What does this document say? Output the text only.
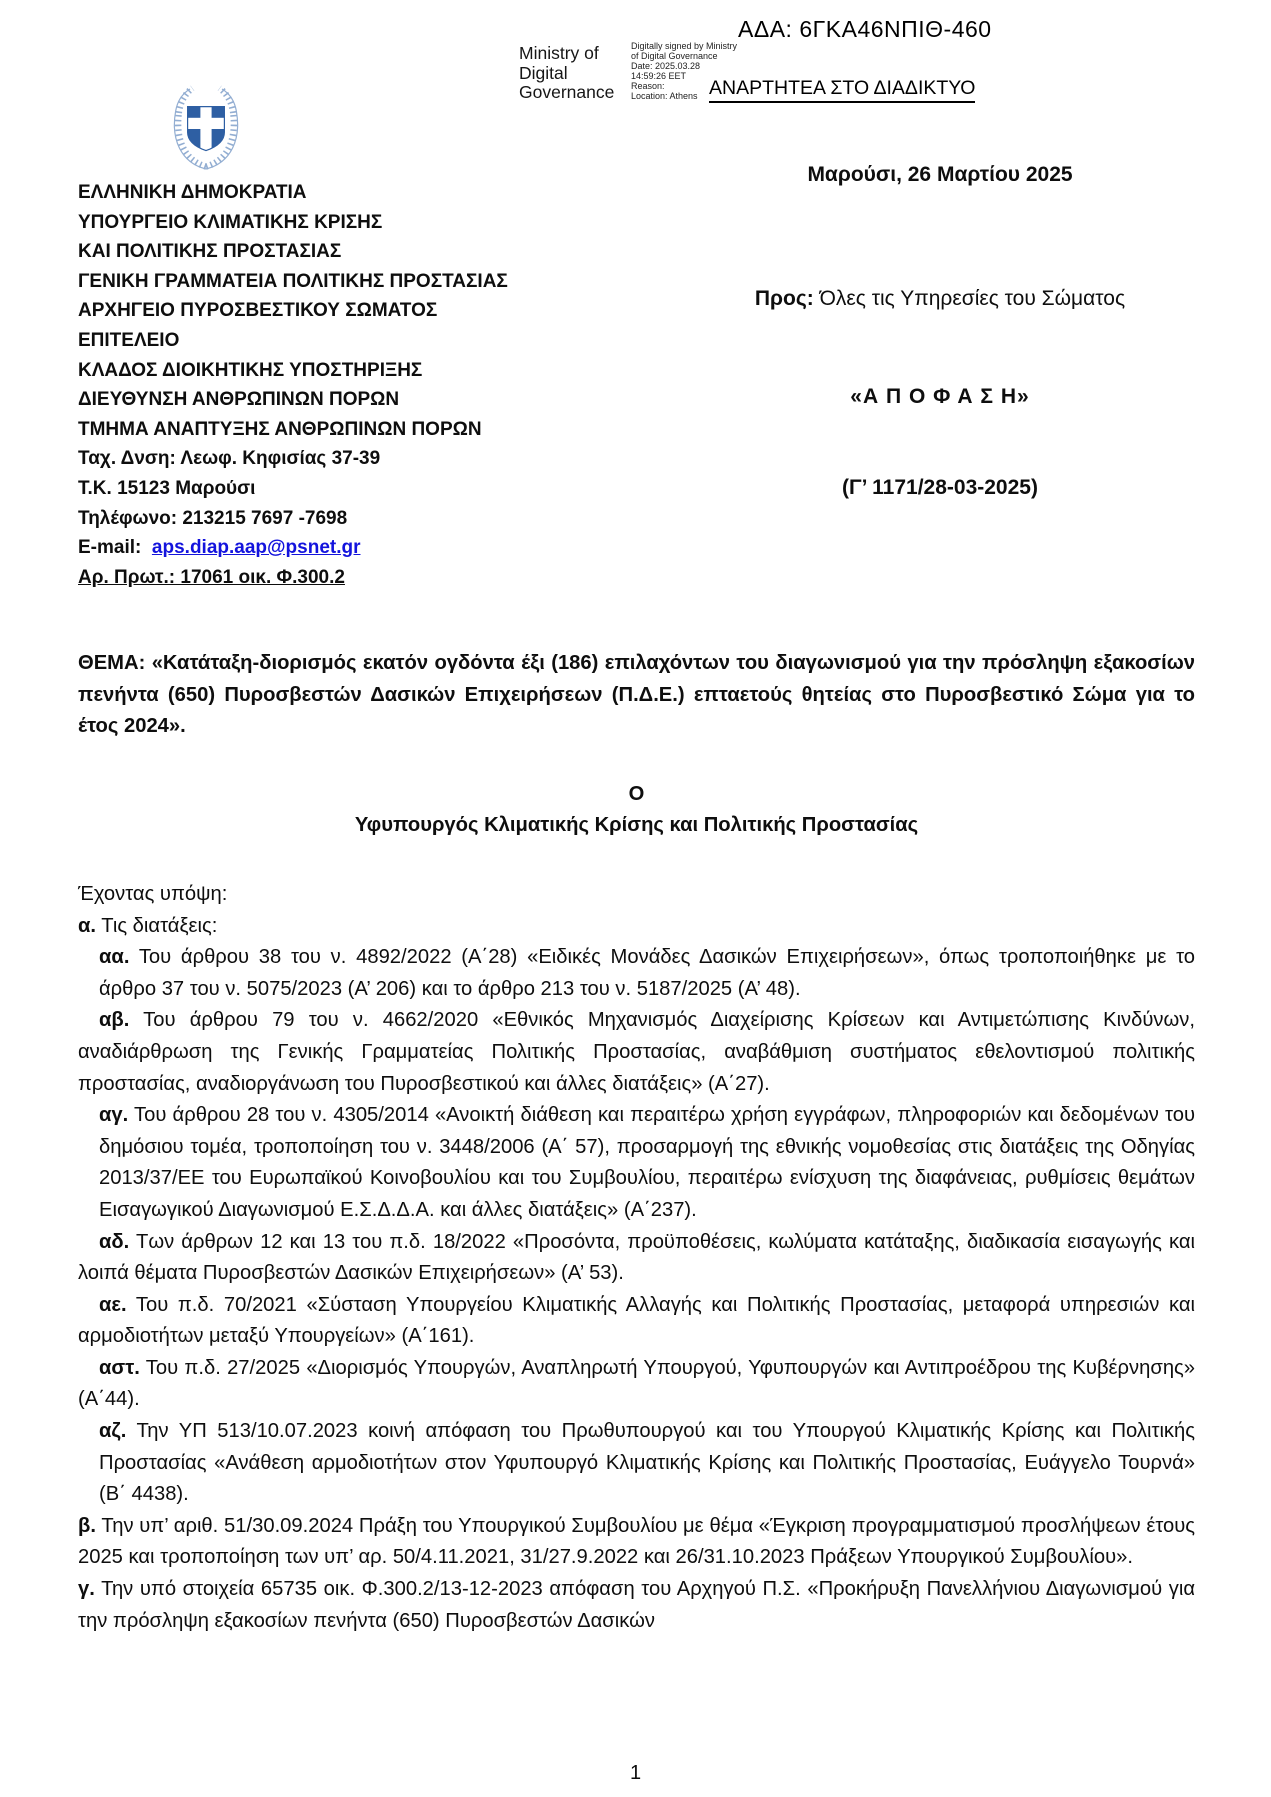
ΑΔΑ: 6ΓΚΑ46ΝΠΙΘ-460
Ministry of
Digital
Governance
Digitally signed by Ministry
of Digital Governance
Date: 2025.03.28
14:59:26 EET
Reason:
Location: Athens ΑΝΑΡΤΗΤΕΑ ΣΤΟ ΔΙΑΔΙΚΤΥΟ
ΕΛΛΗΝΙΚΗ ΔΗΜΟΚΡΑΤΙΑ
ΥΠΟΥΡΓΕΙΟ ΚΛΙΜΑΤΙΚΗΣ ΚΡΙΣΗΣ
ΚΑΙ ΠΟΛΙΤΙΚΗΣ ΠΡΟΣΤΑΣΙΑΣ
ΓΕΝΙΚΗ ΓΡΑΜΜΑΤΕΙΑ ΠΟΛΙΤΙΚΗΣ ΠΡΟΣΤΑΣΙΑΣ
ΑΡΧΗΓΕΙΟ ΠΥΡΟΣΒΕΣΤΙΚΟΥ ΣΩΜΑΤΟΣ
ΕΠΙΤΕΛΕΙΟ
ΚΛΑΔΟΣ ΔΙΟΙΚΗΤΙΚΗΣ ΥΠΟΣΤΗΡΙΞΗΣ
ΔΙΕΥΘΥΝΣΗ ΑΝΘΡΩΠΙΝΩΝ ΠΟΡΩΝ
ΤΜΗΜΑ ΑΝΑΠΤΥΞΗΣ ΑΝΘΡΩΠΙΝΩΝ ΠΟΡΩΝ
Ταχ. Δνση: Λεωφ. Κηφισίας 37-39
Τ.Κ. 15123 Μαρούσι
Τηλέφωνο: 213215 7697 -7698
E-mail: aps.diap.aap@psnet.gr
Αρ. Πρωτ.: 17061 οικ. Φ.300.2
Μαρούσι, 26 Μαρτίου 2025
Προς: Όλες τις Υπηρεσίες του Σώματος
«Α Π Ο Φ Α Σ Η»
(Γ’ 1171/28-03-2025)

ΘΕΜΑ: «Κατάταξη-διορισμός εκατόν ογδόντα έξι (186) επιλαχόντων του διαγωνισμού για την πρόσληψη εξακοσίων πενήντα (650) Πυροσβεστών Δασικών Επιχειρήσεων (Π.Δ.Ε.) επταετούς θητείας στο Πυροσβεστικό Σώμα για το έτος 2024».

Ο
Υφυπουργός Κλιματικής Κρίσης και Πολιτικής Προστασίας

Έχοντας υπόψη:

α. Τις διατάξεις:

αα. Του άρθρου 38 του ν. 4892/2022 (Α΄28) «Ειδικές Μονάδες Δασικών Επιχειρήσεων», όπως τροποποιήθηκε με το άρθρο 37 του ν. 5075/2023 (Α’ 206) και το άρθρο 213 του ν. 5187/2025 (Α’ 48).

αβ. Του άρθρου 79 του ν. 4662/2020 «Εθνικός Μηχανισμός Διαχείρισης Κρίσεων και Αντιμετώπισης Κινδύνων, αναδιάρθρωση της Γενικής Γραμματείας Πολιτικής Προστασίας, αναβάθμιση συστήματος εθελοντισμού πολιτικής προστασίας, αναδιοργάνωση του Πυροσβεστικού και άλλες διατάξεις» (Α΄27).

αγ. Του άρθρου 28 του ν. 4305/2014 «Ανοικτή διάθεση και περαιτέρω χρήση εγγράφων, πληροφοριών και δεδομένων του δημόσιου τομέα, τροποποίηση του ν. 3448/2006 (Α΄ 57), προσαρμογή της εθνικής νομοθεσίας στις διατάξεις της Οδηγίας 2013/37/ΕΕ του Ευρωπαϊκού Κοινοβουλίου και του Συμβουλίου, περαιτέρω ενίσχυση της διαφάνειας, ρυθμίσεις θεμάτων Εισαγωγικού Διαγωνισμού Ε.Σ.Δ.Δ.Α. και άλλες διατάξεις» (Α΄237).

αδ. Των άρθρων 12 και 13 του π.δ. 18/2022 «Προσόντα, προϋποθέσεις, κωλύματα κατάταξης, διαδικασία εισαγωγής και λοιπά θέματα Πυροσβεστών Δασικών Επιχειρήσεων» (Α’ 53).

αε. Του π.δ. 70/2021 «Σύσταση Υπουργείου Κλιματικής Αλλαγής και Πολιτικής Προστασίας, μεταφορά υπηρεσιών και αρμοδιοτήτων μεταξύ Υπουργείων» (Α΄161).

αστ. Του π.δ. 27/2025 «Διορισμός Υπουργών, Αναπληρωτή Υπουργού, Υφυπουργών και Αντιπροέδρου της Κυβέρνησης» (Α΄44).

αζ. Την ΥΠ 513/10.07.2023 κοινή απόφαση του Πρωθυπουργού και του Υπουργού Κλιματικής Κρίσης και Πολιτικής Προστασίας «Ανάθεση αρμοδιοτήτων στον Υφυπουργό Κλιματικής Κρίσης και Πολιτικής Προστασίας, Ευάγγελο Τουρνά» (Β΄ 4438).

β. Την υπ’ αριθ. 51/30.09.2024 Πράξη του Υπουργικού Συμβουλίου με θέμα «Έγκριση προγραμματισμού προσλήψεων έτους 2025 και τροποποίηση των υπ’ αρ. 50/4.11.2021, 31/27.9.2022 και 26/31.10.2023 Πράξεων Υπουργικού Συμβουλίου».

γ. Την υπό στοιχεία 65735 οικ. Φ.300.2/13-12-2023 απόφαση του Αρχηγού Π.Σ. «Προκήρυξη Πανελλήνιου Διαγωνισμού για την πρόσληψη εξακοσίων πενήντα (650) Πυροσβεστών Δασικών

1
